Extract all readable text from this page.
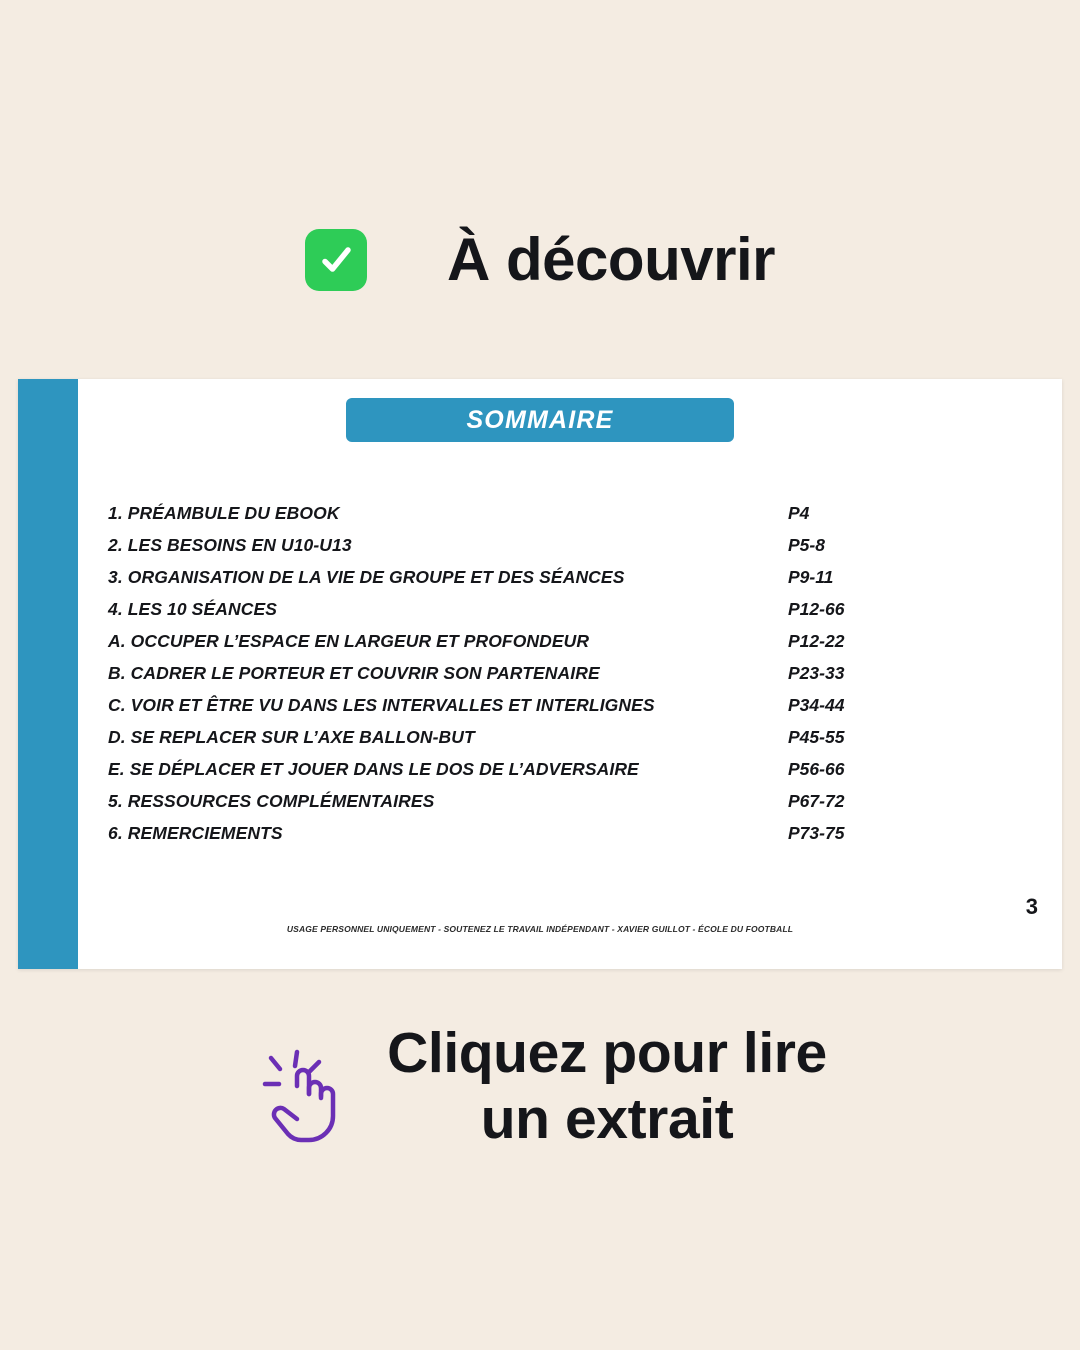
À découvrir
SOMMAIRE
1. PRÉAMBULE DU EBOOK	P4
2. LES BESOINS EN U10-U13	P5-8
3. ORGANISATION DE LA VIE DE GROUPE ET DES SÉANCES	P9-11
4. LES 10 SÉANCES	P12-66
A. OCCUPER L’ESPACE EN LARGEUR ET PROFONDEUR	P12-22
B. CADRER LE PORTEUR ET COUVRIR SON PARTENAIRE	P23-33
C. VOIR ET ÊTRE VU DANS LES INTERVALLES ET INTERLIGNES	P34-44
D. SE REPLACER SUR L’AXE BALLON-BUT	P45-55
E. SE DÉPLACER ET JOUER DANS LE DOS DE L’ADVERSAIRE	P56-66
5. RESSOURCES COMPLÉMENTAIRES	P67-72
6. REMERCIEMENTS	P73-75
3
USAGE PERSONNEL UNIQUEMENT - SOUTENEZ LE TRAVAIL INDÉPENDANT - XAVIER GUILLOT - ÉCOLE DU FOOTBALL
Cliquez pour lire
un extrait
